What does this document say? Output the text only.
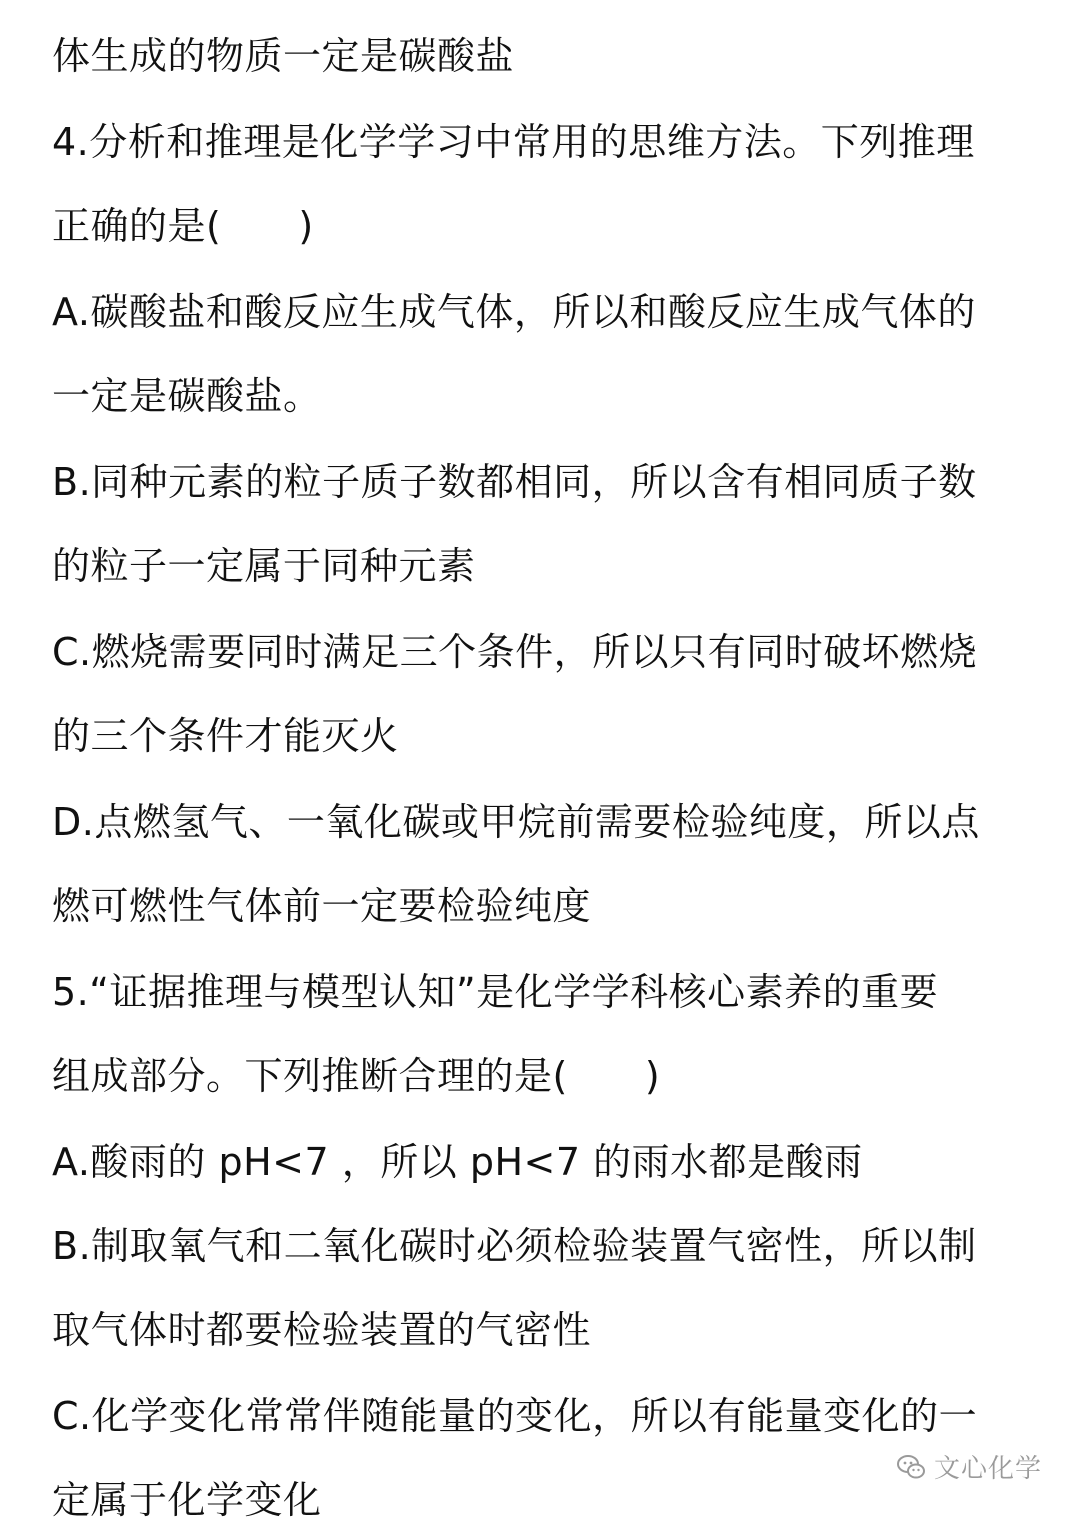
体生成的物质一定是碳酸盐
4.分析和推理是化学学习中常用的思维方法。下列推理
正确的是(　　)
A.碳酸盐和酸反应生成气体，所以和酸反应生成气体的
一定是碳酸盐。
B.同种元素的粒子质子数都相同，所以含有相同质子数
的粒子一定属于同种元素
C.燃烧需要同时满足三个条件，所以只有同时破坏燃烧
的三个条件才能灭火
D.点燃氢气、一氧化碳或甲烷前需要检验纯度，所以点
燃可燃性气体前一定要检验纯度
5.“证据推理与模型认知”是化学学科核心素养的重要
组成部分。下列推断合理的是(　　)
A.酸雨的 pH<7 ，所以 pH<7 的雨水都是酸雨
B.制取氧气和二氧化碳时必须检验装置气密性，所以制
取气体时都要检验装置的气密性
C.化学变化常常伴随能量的变化，所以有能量变化的一
定属于化学变化
文心化学
